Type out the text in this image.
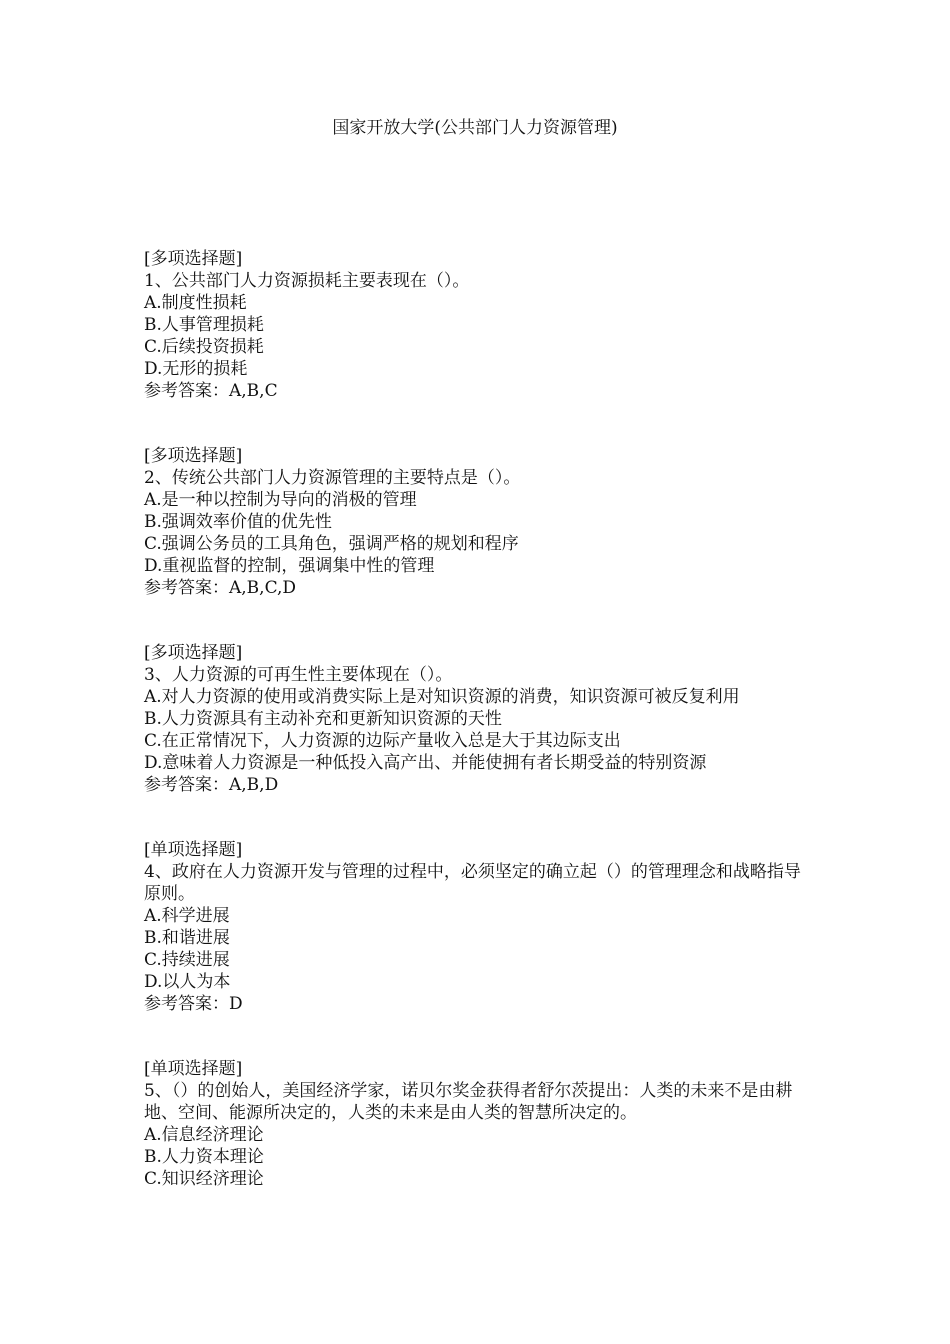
国家开放大学(公共部门人力资源管理)
[多项选择题]
1、公共部门人力资源损耗主要表现在（）。
A.制度性损耗
B.人事管理损耗
C.后续投资损耗
D.无形的损耗
参考答案：A,B,C
[多项选择题]
2、传统公共部门人力资源管理的主要特点是（）。
A.是一种以控制为导向的消极的管理
B.强调效率价值的优先性
C.强调公务员的工具角色，强调严格的规划和程序
D.重视监督的控制，强调集中性的管理
参考答案：A,B,C,D
[多项选择题]
3、人力资源的可再生性主要体现在（）。
A.对人力资源的使用或消费实际上是对知识资源的消费，知识资源可被反复利用
B.人力资源具有主动补充和更新知识资源的天性
C.在正常情况下，人力资源的边际产量收入总是大于其边际支出
D.意味着人力资源是一种低投入高产出、并能使拥有者长期受益的特别资源
参考答案：A,B,D
[单项选择题]
4、政府在人力资源开发与管理的过程中，必须坚定的确立起（）的管理理念和战略指导原则。
A.科学进展
B.和谐进展
C.持续进展
D.以人为本
参考答案：D
[单项选择题]
5、（）的创始人，美国经济学家，诺贝尔奖金获得者舒尔茨提出：人类的未来不是由耕地、空间、能源所决定的，人类的未来是由人类的智慧所决定的。
A.信息经济理论
B.人力资本理论
C.知识经济理论
